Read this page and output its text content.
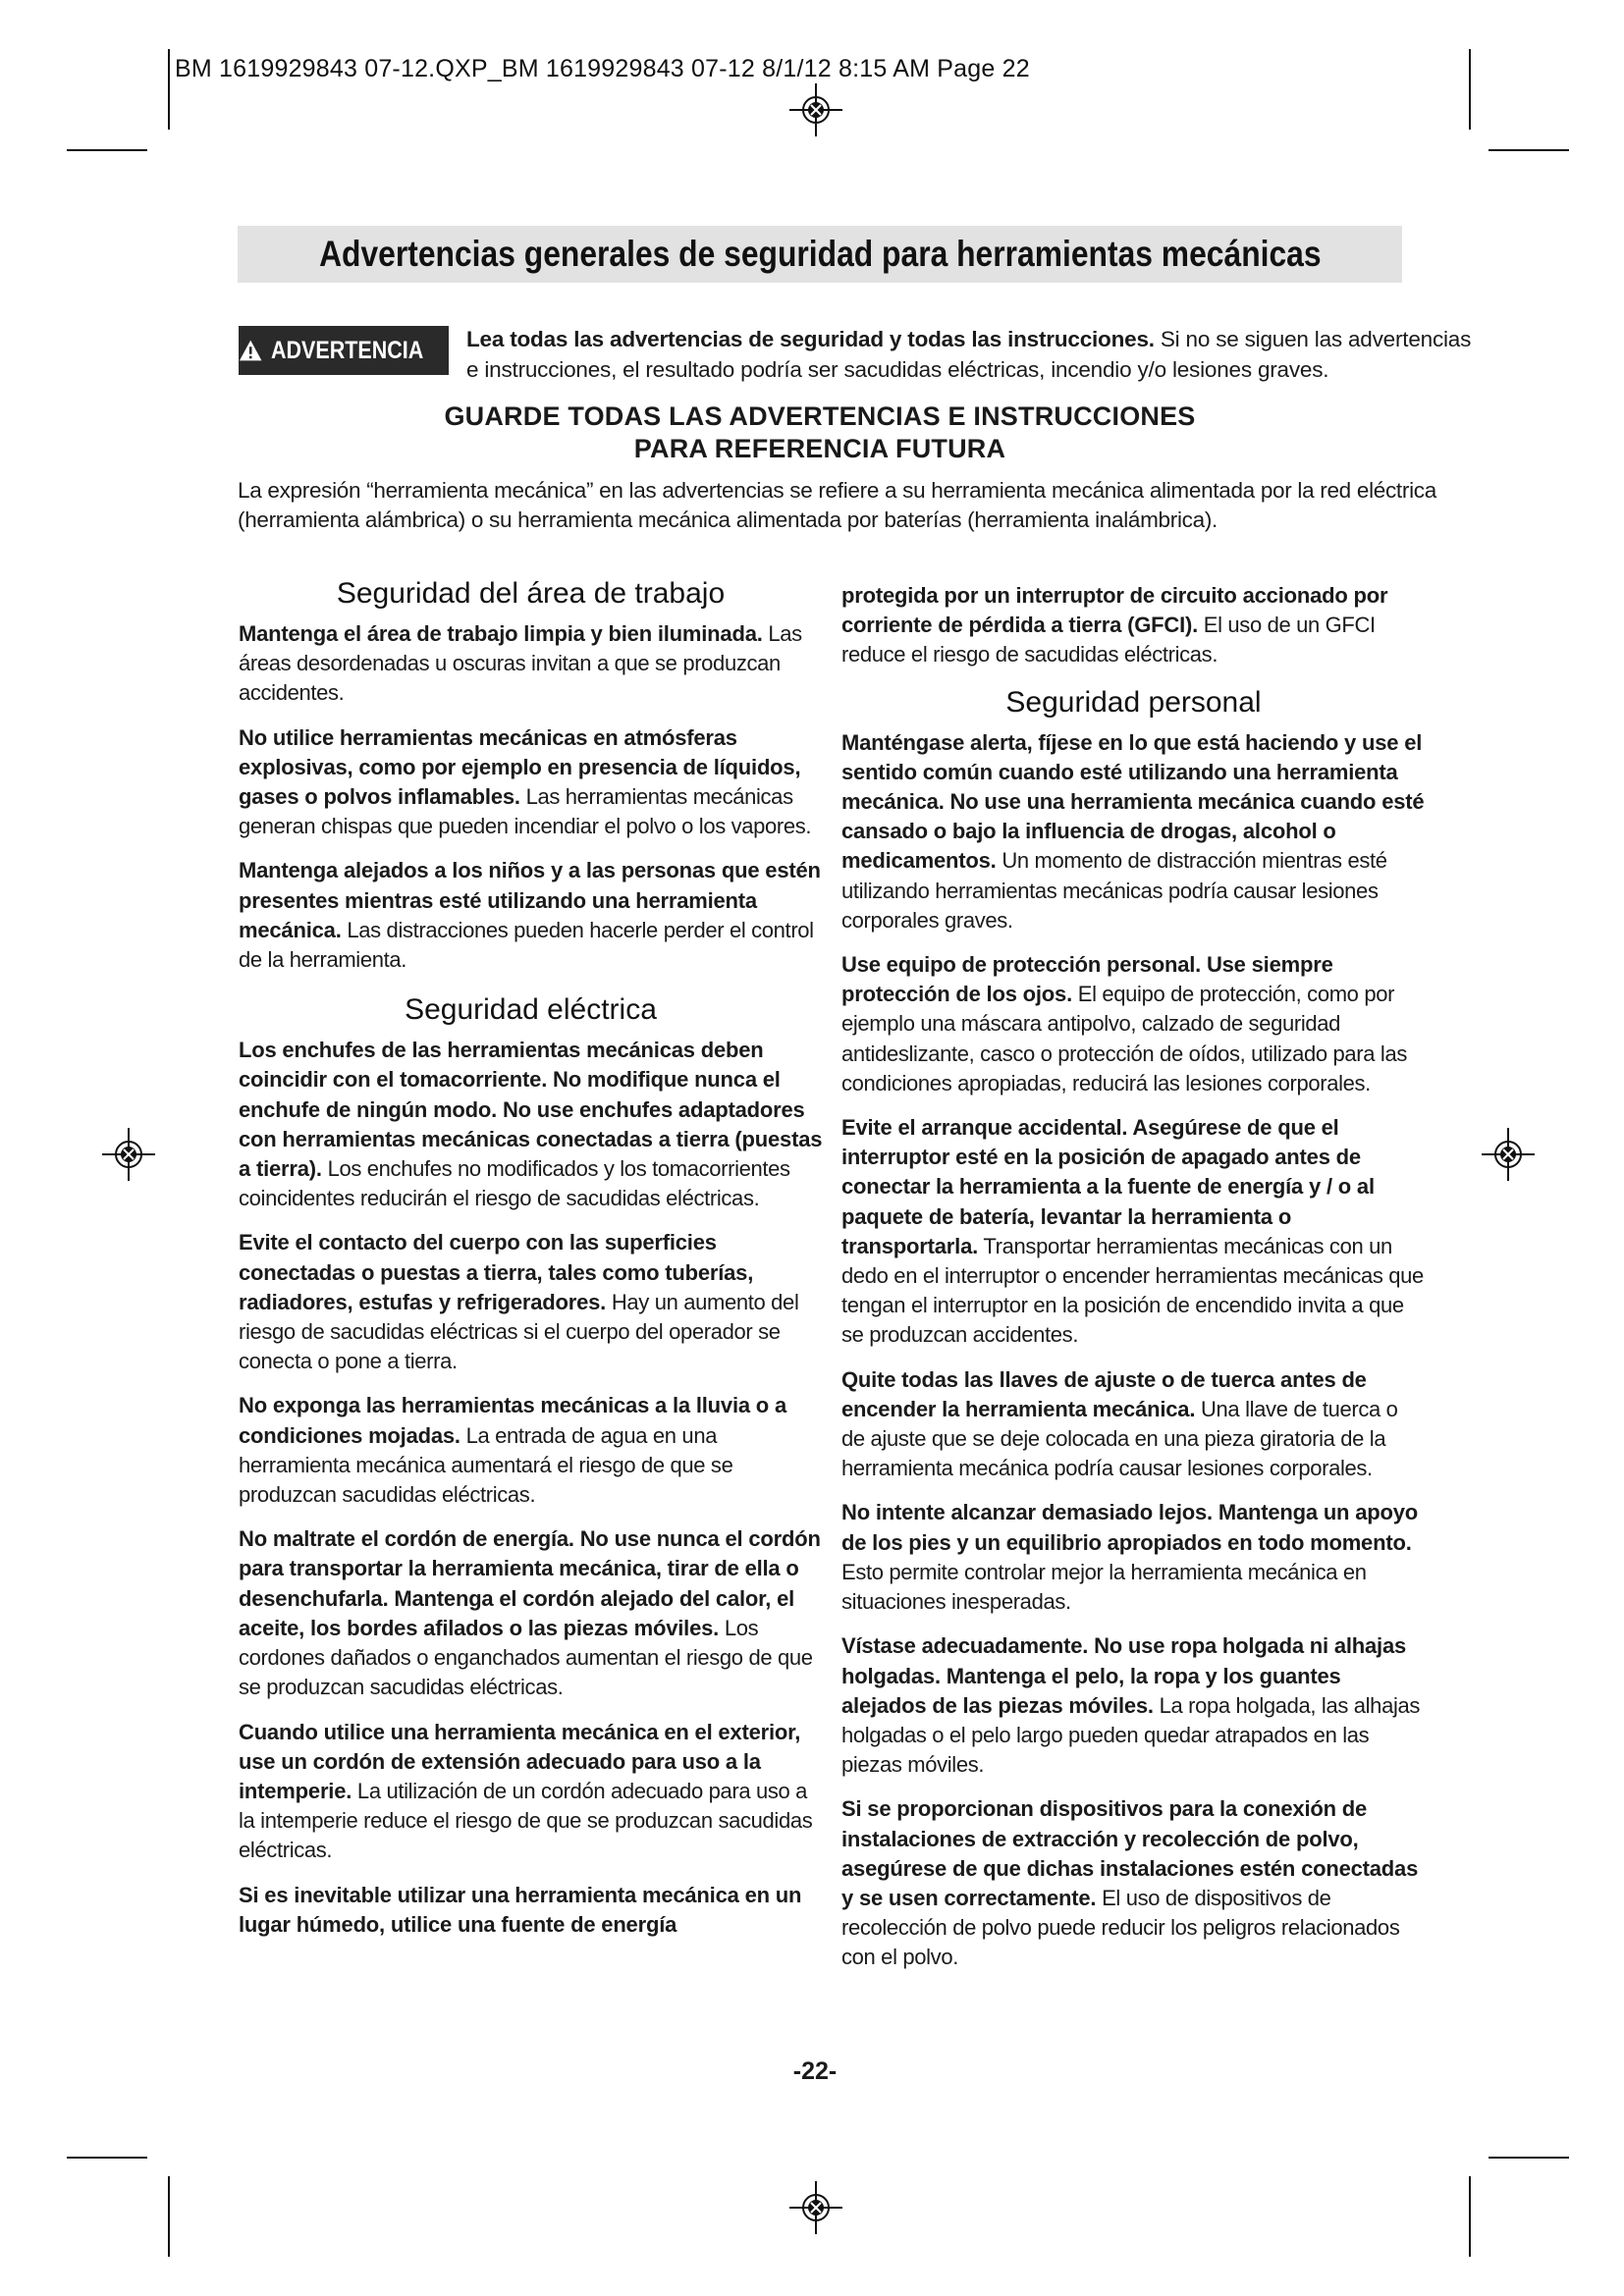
BM 1619929843 07-12.QXP_BM 1619929843 07-12 8/1/12 8:15 AM Page 22
Advertencias generales de seguridad para herramientas mecánicas
ADVERTENCIA Lea todas las advertencias de seguridad y todas las instrucciones. Si no se siguen las advertencias e instrucciones, el resultado podría ser sacudidas eléctricas, incendio y/o lesiones graves.
GUARDE TODAS LAS ADVERTENCIAS E INSTRUCCIONES
PARA REFERENCIA FUTURA
La expresión “herramienta mecánica” en las advertencias se refiere a su herramienta mecánica alimentada por la red eléctrica (herramienta alámbrica) o su herramienta mecánica alimentada por baterías (herramienta inalámbrica).
Seguridad del área de trabajo

Mantenga el área de trabajo limpia y bien iluminada. Las áreas desordenadas u oscuras invitan a que se produzcan accidentes.

No utilice herramientas mecánicas en atmósferas explosivas, como por ejemplo en presencia de líquidos, gases o polvos inflamables. Las herramientas mecánicas generan chispas que pueden incendiar el polvo o los vapores.

Mantenga alejados a los niños y a las personas que estén presentes mientras esté utilizando una herramienta mecánica. Las distracciones pueden hacerle perder el control de la herramienta.

Seguridad eléctrica

Los enchufes de las herramientas mecánicas deben coincidir con el tomacorriente. No modifique nunca el enchufe de ningún modo. No use enchufes adaptadores con herramientas mecánicas conectadas a tierra (puestas a tierra). Los enchufes no modificados y los tomacorrientes coincidentes reducirán el riesgo de sacudidas eléctricas.

Evite el contacto del cuerpo con las superficies conectadas o puestas a tierra, tales como tuberías, radiadores, estufas y refrigeradores. Hay un aumento del riesgo de sacudidas eléctricas si el cuerpo del operador se conecta o pone a tierra.

No exponga las herramientas mecánicas a la lluvia o a condiciones mojadas. La entrada de agua en una herramienta mecánica aumentará el riesgo de que se produzcan sacudidas eléctricas.

No maltrate el cordón de energía. No use nunca el cordón para transportar la herramienta mecánica, tirar de ella o desenchufarla. Mantenga el cordón alejado del calor, el aceite, los bordes afilados o las piezas móviles. Los cordones dañados o enganchados aumentan el riesgo de que se produzcan sacudidas eléctricas.

Cuando utilice una herramienta mecánica en el exterior, use un cordón de extensión adecuado para uso a la intemperie. La utilización de un cordón adecuado para uso a la intemperie reduce el riesgo de que se produzcan sacudidas eléctricas.

Si es inevitable utilizar una herramienta mecánica en un lugar húmedo, utilice una fuente de energía

protegida por un interruptor de circuito accionado por corriente de pérdida a tierra (GFCI). El uso de un GFCI reduce el riesgo de sacudidas eléctricas.

Seguridad personal

Manténgase alerta, fíjese en lo que está haciendo y use el sentido común cuando esté utilizando una herramienta mecánica. No use una herramienta mecánica cuando esté cansado o bajo la influencia de drogas, alcohol o medicamentos. Un momento de distracción mientras esté utilizando herramientas mecánicas podría causar lesiones corporales graves.

Use equipo de protección personal. Use siempre protección de los ojos. El equipo de protección, como por ejemplo una máscara antipolvo, calzado de seguridad antideslizante, casco o protección de oídos, utilizado para las condiciones apropiadas, reducirá las lesiones corporales.

Evite el arranque accidental. Asegúrese de que el interruptor esté en la posición de apagado antes de conectar la herramienta a la fuente de energía y / o al paquete de batería, levantar la herramienta o transportarla. Transportar herramientas mecánicas con un dedo en el interruptor o encender herramientas mecánicas que tengan el interruptor en la posición de encendido invita a que se produzcan accidentes.

Quite todas las llaves de ajuste o de tuerca antes de encender la herramienta mecánica. Una llave de tuerca o de ajuste que se deje colocada en una pieza giratoria de la herramienta mecánica podría causar lesiones corporales.

No intente alcanzar demasiado lejos. Mantenga un apoyo de los pies y un equilibrio apropiados en todo momento. Esto permite controlar mejor la herramienta mecánica en situaciones inesperadas.

Vístase adecuadamente. No use ropa holgada ni alhajas holgadas. Mantenga el pelo, la ropa y los guantes alejados de las piezas móviles. La ropa holgada, las alhajas holgadas o el pelo largo pueden quedar atrapados en las piezas móviles.

Si se proporcionan dispositivos para la conexión de instalaciones de extracción y recolección de polvo, asegúrese de que dichas instalaciones estén conectadas y se usen correctamente. El uso de dispositivos de recolección de polvo puede reducir los peligros relacionados con el polvo.

-22-
